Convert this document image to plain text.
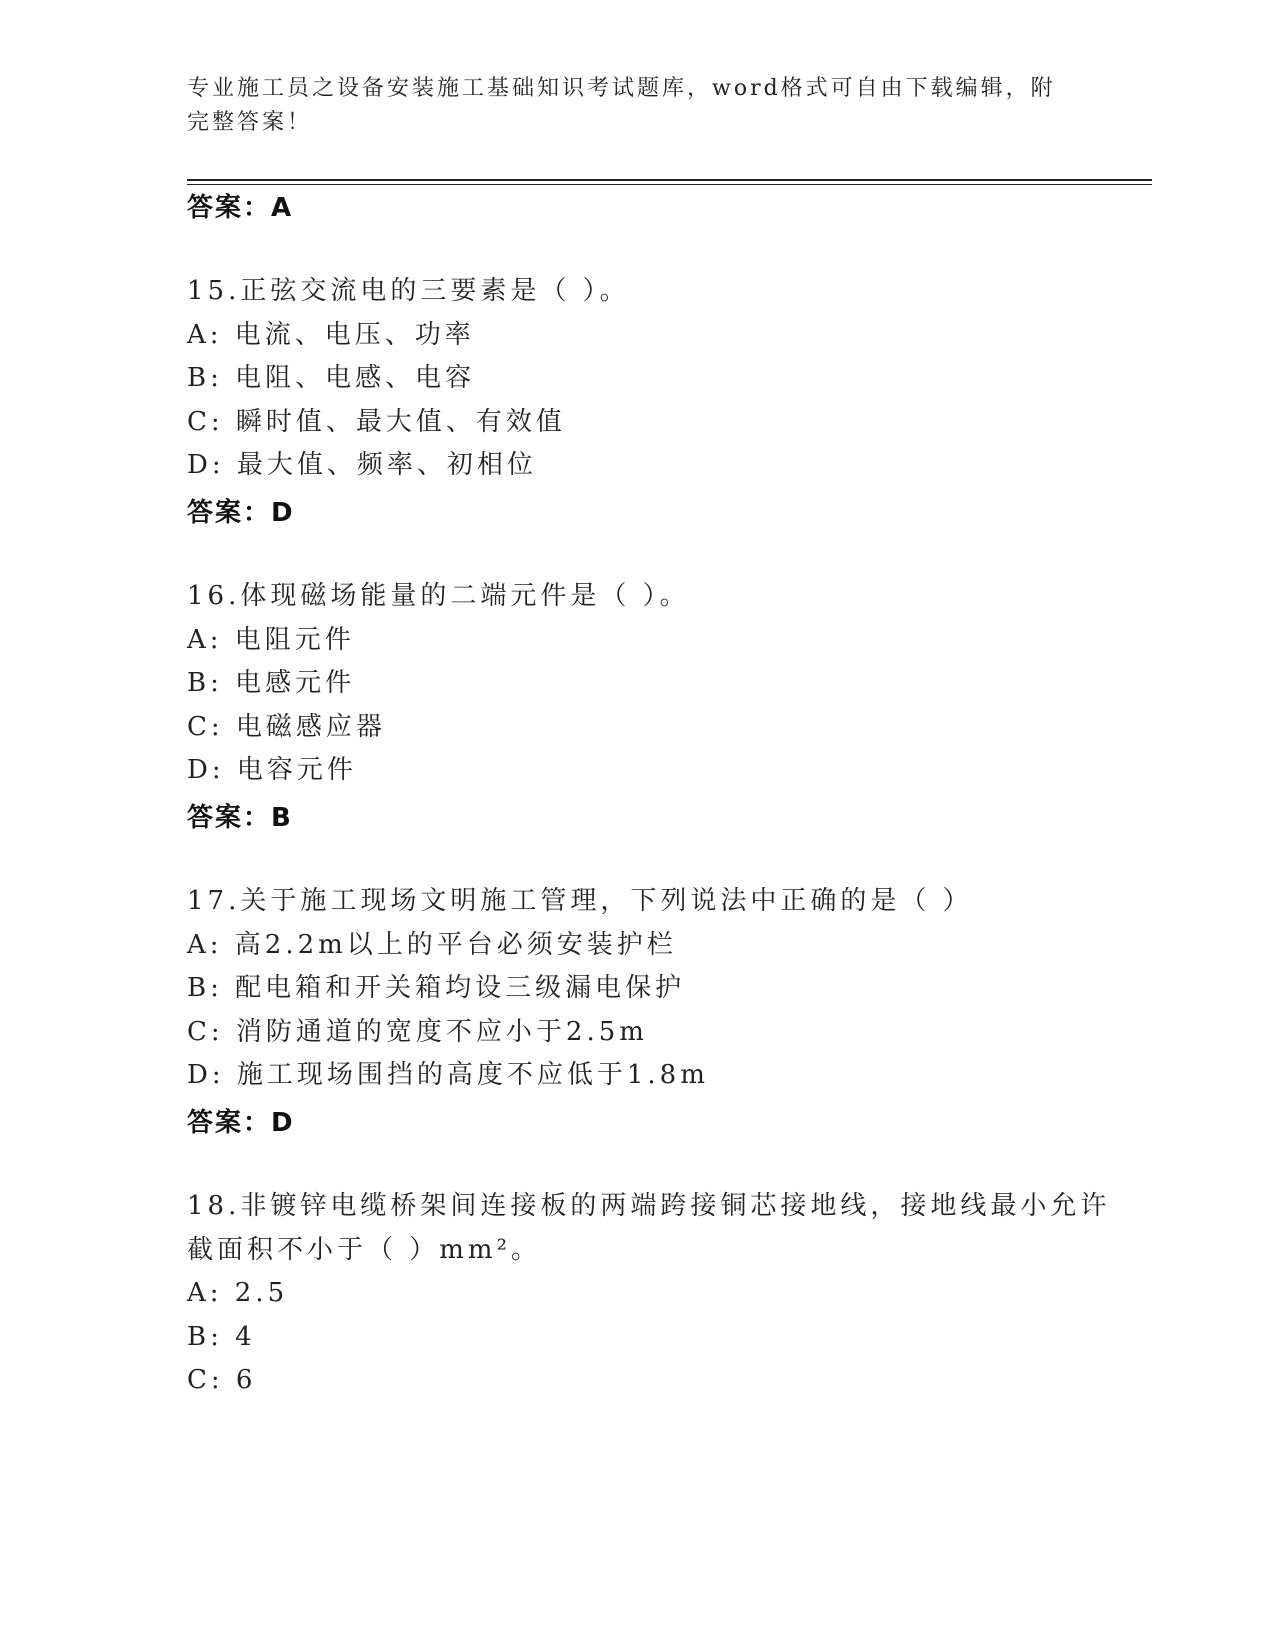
专业施工员之设备安装施工基础知识考试题库，word格式可自由下载编辑，附完整答案！
答案：A
15.正弦交流电的三要素是（ ）。
A: 电流、电压、功率
B: 电阻、电感、电容
C: 瞬时值、最大值、有效值
D: 最大值、频率、初相位
答案：D
16.体现磁场能量的二端元件是（ ）。
A: 电阻元件
B: 电感元件
C: 电磁感应器
D: 电容元件
答案：B
17.关于施工现场文明施工管理，下列说法中正确的是（ ）
A: 高2.2m以上的平台必须安装护栏
B: 配电箱和开关箱均设三级漏电保护
C: 消防通道的宽度不应小于2.5m
D: 施工现场围挡的高度不应低于1.8m
答案：D
18.非镀锌电缆桥架间连接板的两端跨接铜芯接地线，接地线最小允许
截面积不小于（ ）mm²。
A: 2.5
B: 4
C: 6
